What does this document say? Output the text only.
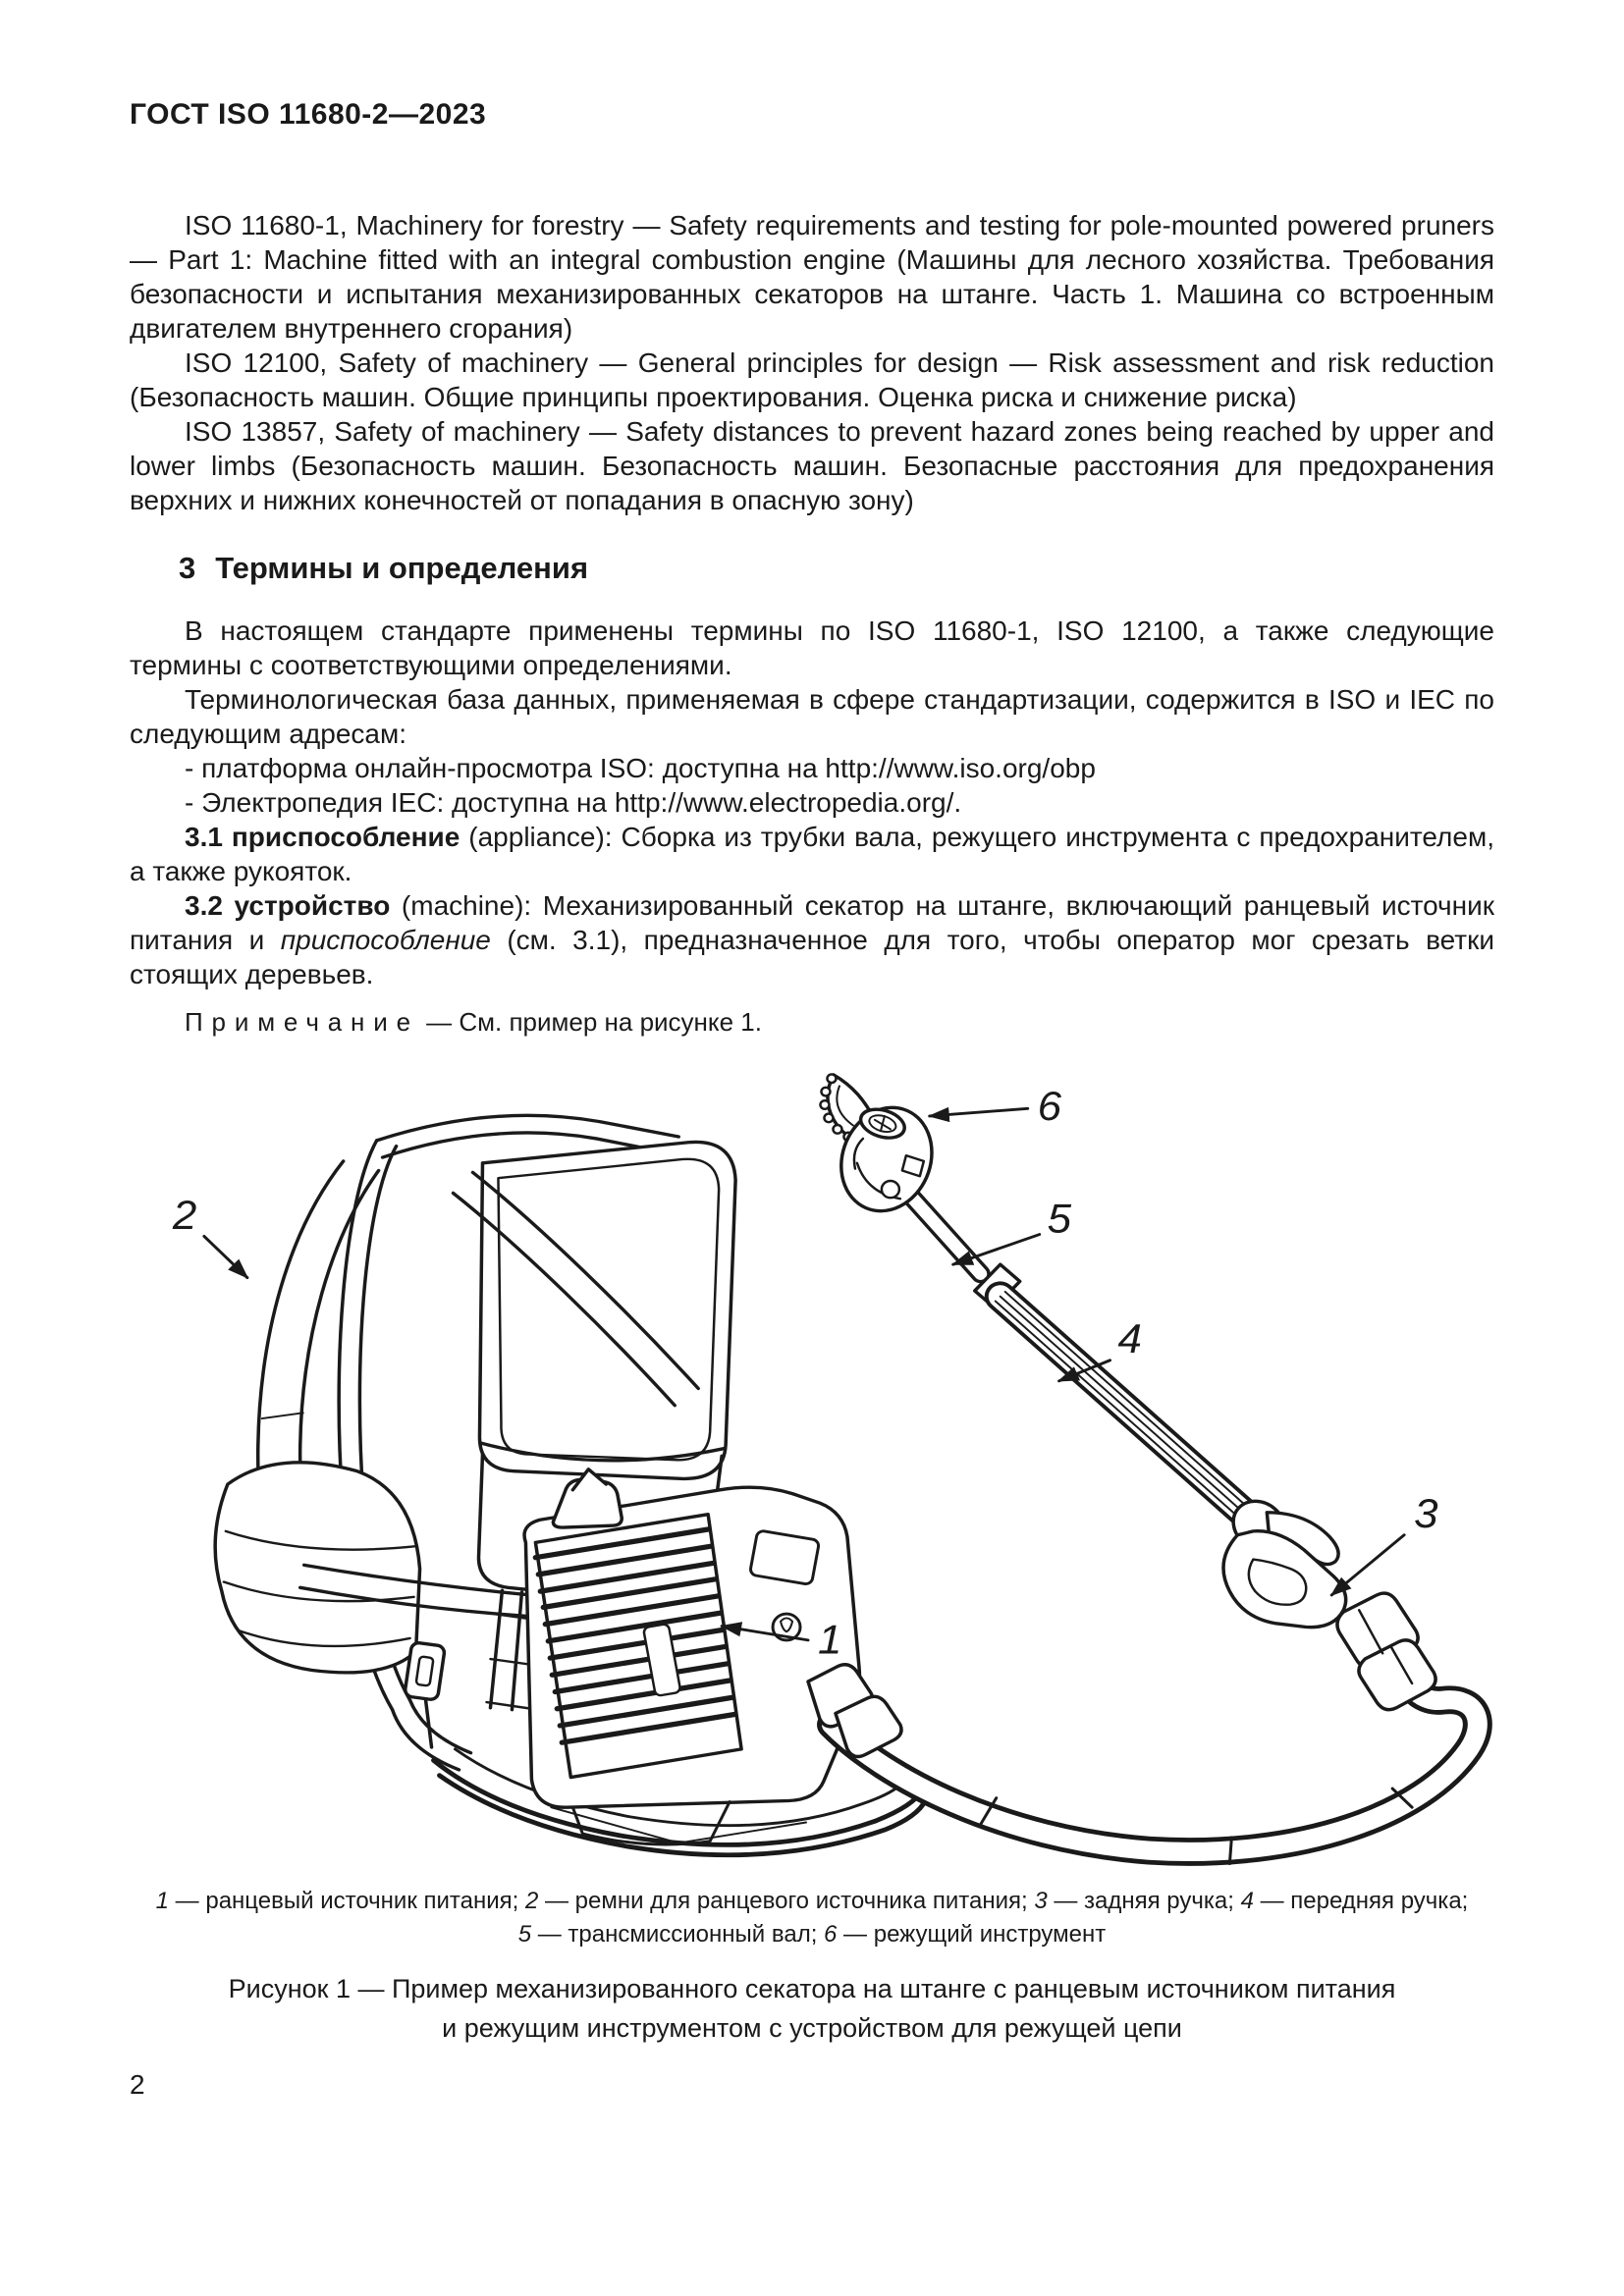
ГОСТ ISO 11680-2—2023

ISO 11680-1, Machinery for forestry — Safety requirements and testing for pole-mounted powered pruners — Part 1: Machine fitted with an integral combustion engine (Машины для лесного хозяйства. Требования безопасности и испытания механизированных секаторов на штанге. Часть 1. Машина со встроенным двигателем внутреннего сгорания)

ISO 12100, Safety of machinery — General principles for design — Risk assessment and risk reduction (Безопасность машин. Общие принципы проектирования. Оценка риска и снижение риска)

ISO 13857, Safety of machinery — Safety distances to prevent hazard zones being reached by upper and lower limbs (Безопасность машин. Безопасность машин. Безопасные расстояния для предохранения верхних и нижних конечностей от попадания в опасную зону)

3 Термины и определения

В настоящем стандарте применены термины по ISO 11680-1, ISO 12100, а также следующие термины с соответствующими определениями.

Терминологическая база данных, применяемая в сфере стандартизации, содержится в ISO и IEC по следующим адресам:

- платформа онлайн-просмотра ISO: доступна на http://www.iso.org/obp

- Электропедия IEC: доступна на http://www.electropedia.org/.

3.1 приспособление (appliance): Сборка из трубки вала, режущего инструмента с предохранителем, а также рукояток.

3.2 устройство (machine): Механизированный секатор на штанге, включающий ранцевый источник питания и приспособление (см. 3.1), предназначенное для того, чтобы оператор мог срезать ветки стоящих деревьев.

Примечание — См. пример на рисунке 1.

1
2
3
4
5
6
1 — ранцевый источник питания; 2 — ремни для ранцевого источника питания; 3 — задняя ручка; 4 — передняя ручка;
5 — трансмиссионный вал; 6 — режущий инструмент
Рисунок 1 — Пример механизированного секатора на штанге с ранцевым источником питания
и режущим инструментом с устройством для режущей цепи
2
